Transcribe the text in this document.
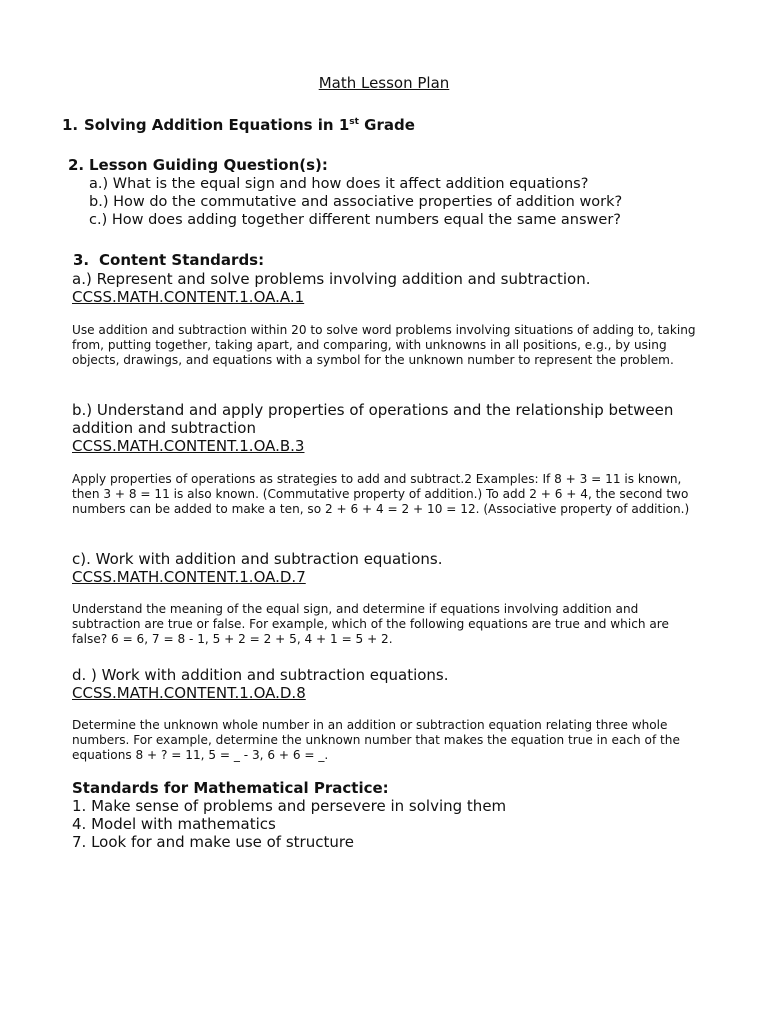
Math Lesson Plan
1. Solving Addition Equations in 1st Grade
2. Lesson Guiding Question(s):
a.) What is the equal sign and how does it affect addition equations?
b.) How do the commutative and associative properties of addition work?
c.) How does adding together different numbers equal the same answer?
3. Content Standards:
a.) Represent and solve problems involving addition and subtraction.
CCSS.MATH.CONTENT.1.OA.A.1
Use addition and subtraction within 20 to solve word problems involving situations of adding to, taking from, putting together, taking apart, and comparing, with unknowns in all positions, e.g., by using objects, drawings, and equations with a symbol for the unknown number to represent the problem.
b.) Understand and apply properties of operations and the relationship between addition and subtraction
CCSS.MATH.CONTENT.1.OA.B.3
Apply properties of operations as strategies to add and subtract.2 Examples: If 8 + 3 = 11 is known, then 3 + 8 = 11 is also known. (Commutative property of addition.) To add 2 + 6 + 4, the second two numbers can be added to make a ten, so 2 + 6 + 4 = 2 + 10 = 12. (Associative property of addition.)
c). Work with addition and subtraction equations.
CCSS.MATH.CONTENT.1.OA.D.7
Understand the meaning of the equal sign, and determine if equations involving addition and subtraction are true or false. For example, which of the following equations are true and which are false? 6 = 6, 7 = 8 - 1, 5 + 2 = 2 + 5, 4 + 1 = 5 + 2.
d. ) Work with addition and subtraction equations.
CCSS.MATH.CONTENT.1.OA.D.8
Determine the unknown whole number in an addition or subtraction equation relating three whole numbers. For example, determine the unknown number that makes the equation true in each of the equations 8 + ? = 11, 5 = _ - 3, 6 + 6 = _.
Standards for Mathematical Practice:
1. Make sense of problems and persevere in solving them
4. Model with mathematics
7. Look for and make use of structure
